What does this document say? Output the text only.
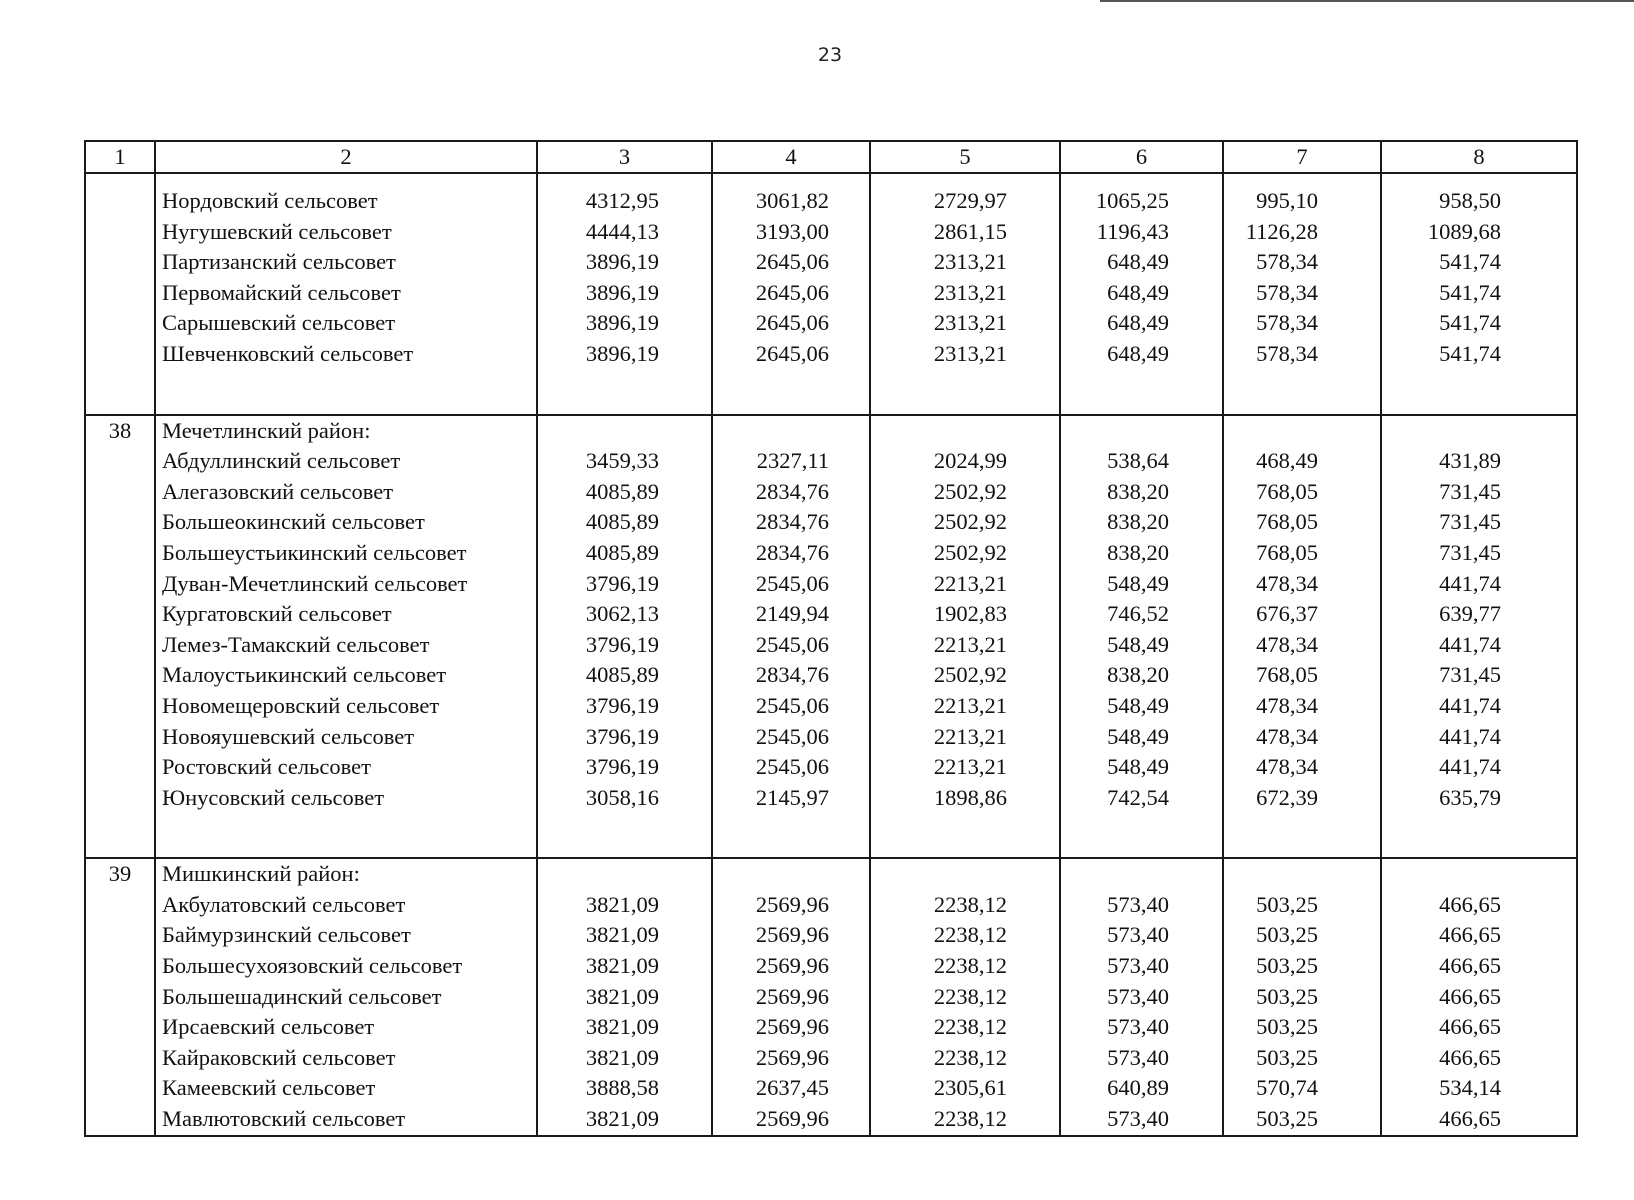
23
1	2	3	4	5	6	7	8

	Нордовский сельсовет	4312,95	3061,82	2729,97	1065,25	995,10	958,50
	Нугушевский сельсовет	4444,13	3193,00	2861,15	1196,43	1126,28	1089,68
	Партизанский сельсовет	3896,19	2645,06	2313,21	648,49	578,34	541,74
	Первомайский сельсовет	3896,19	2645,06	2313,21	648,49	578,34	541,74
	Сарышевский сельсовет	3896,19	2645,06	2313,21	648,49	578,34	541,74
	Шевченковский сельсовет	3896,19	2645,06	2313,21	648,49	578,34	541,74

38	Мечетлинский район:						
	Абдуллинский сельсовет	3459,33	2327,11	2024,99	538,64	468,49	431,89
	Алегазовский сельсовет	4085,89	2834,76	2502,92	838,20	768,05	731,45
	Большеокинский сельсовет	4085,89	2834,76	2502,92	838,20	768,05	731,45
	Большеустьикинский сельсовет	4085,89	2834,76	2502,92	838,20	768,05	731,45
	Дуван-Мечетлинский сельсовет	3796,19	2545,06	2213,21	548,49	478,34	441,74
	Кургатовский сельсовет	3062,13	2149,94	1902,83	746,52	676,37	639,77
	Лемез-Тамакский сельсовет	3796,19	2545,06	2213,21	548,49	478,34	441,74
	Малоустьикинский сельсовет	4085,89	2834,76	2502,92	838,20	768,05	731,45
	Новомещеровский сельсовет	3796,19	2545,06	2213,21	548,49	478,34	441,74
	Новояушевский сельсовет	3796,19	2545,06	2213,21	548,49	478,34	441,74
	Ростовский сельсовет	3796,19	2545,06	2213,21	548,49	478,34	441,74
	Юнусовский сельсовет	3058,16	2145,97	1898,86	742,54	672,39	635,79

39	Мишкинский район:						
	Акбулатовский сельсовет	3821,09	2569,96	2238,12	573,40	503,25	466,65
	Баймурзинский сельсовет	3821,09	2569,96	2238,12	573,40	503,25	466,65
	Большесухоязовский сельсовет	3821,09	2569,96	2238,12	573,40	503,25	466,65
	Большешадинский сельсовет	3821,09	2569,96	2238,12	573,40	503,25	466,65
	Ирсаевский сельсовет	3821,09	2569,96	2238,12	573,40	503,25	466,65
	Кайраковский сельсовет	3821,09	2569,96	2238,12	573,40	503,25	466,65
	Камеевский сельсовет	3888,58	2637,45	2305,61	640,89	570,74	534,14
	Мавлютовский сельсовет	3821,09	2569,96	2238,12	573,40	503,25	466,65
